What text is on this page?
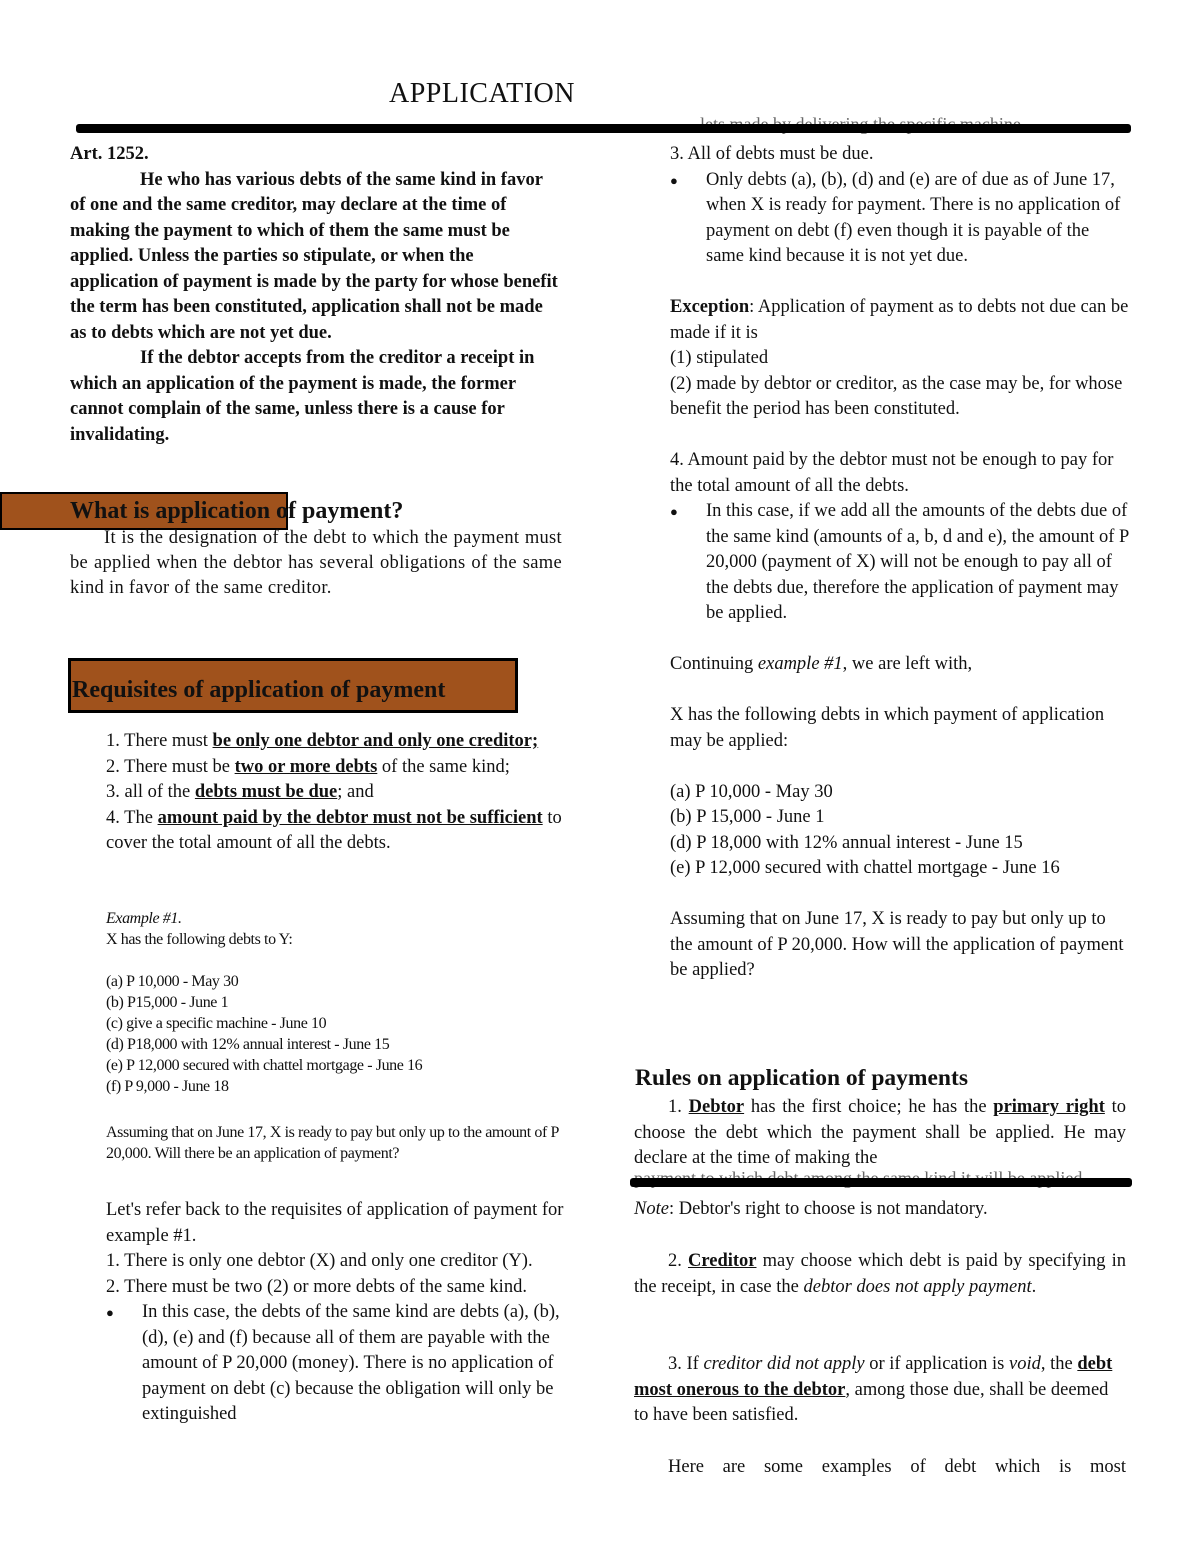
APPLICATION

Art. 1252.

He who has various debts of the same kind in favor of one and the same creditor, may declare at the time of making the payment to which of them the same must be applied. Unless the parties so stipulate, or when the application of payment is made by the party for whose benefit the term has been constituted, application shall not be made as to debts which are not yet due.

If the debtor accepts from the creditor a receipt in which an application of the payment is made, the former cannot complain of the same, unless there is a cause for invalidating.

What is application of payment?
It is the designation of the debt to which the payment must be applied when the debtor has several obligations of the same kind in favor of the same creditor.
Requisites of application of payment

1. There must be only one debtor and only one creditor;

2. There must be two or more debts of the same kind;

3. all of the debts must be due; and

4. The amount paid by the debtor must not be sufficient to cover the total amount of all the debts.

Example #1.

X has the following debts to Y:

(a) P 10,000 - May 30
(b) P15,000 - June 1
(c) give a specific machine - June 10
(d) P18,000 with 12% annual interest - June 15
(e) P 12,000 secured with chattel mortgage - June 16
(f) P 9,000 - June 18

Assuming that on June 17, X is ready to pay but only up to the amount of P 20,000. Will there be an application of payment?

Let's refer back to the requisites of application of payment for example #1.

1. There is only one debtor (X) and only one creditor (Y).

2. There must be two (2) or more debts of the same kind.

● In this case, the debts of the same kind are debts (a), (b), (d), (e) and (f) because all of them are payable with the amount of P 20,000 (money). There is no application of payment on debt (c) because the obligation will only be extinguished

3. All of debts must be due.

● Only debts (a), (b), (d) and (e) are of due as of June 17, when X is ready for payment. There is no application of payment on debt (f) even though it is payable of the same kind because it is not yet due.

Exception: Application of payment as to debts not due can be made if it is

(1) stipulated

(2) made by debtor or creditor, as the case may be, for whose benefit the period has been constituted.

4. Amount paid by the debtor must not be enough to pay for the total amount of all the debts.

● In this case, if we add all the amounts of the debts due of the same kind (amounts of a, b, d and e), the amount of P 20,000 (payment of X) will not be enough to pay all of the debts due, therefore the application of payment may be applied.

Continuing example #1, we are left with,

X has the following debts in which payment of application may be applied:

(a) P 10,000 - May 30
(b) P 15,000 - June 1
(d) P 18,000 with 12% annual interest - June 15
(e) P 12,000 secured with chattel mortgage - June 16

Assuming that on June 17, X is ready to pay but only up to the amount of P 20,000. How will the application of payment be applied?

Rules on application of payments
1. Debtor has the first choice; he has the primary right to choose the debt which the payment shall be applied. He may declare at the time of making the
Note: Debtor's right to choose is not mandatory.
2. Creditor may choose which debt is paid by specifying in the receipt, in case the debtor does not apply payment.
3. If creditor did not apply or if application is void, the debt most onerous to the debtor, among those due, shall be deemed to have been satisfied.
Here are some examples of debt which is most
